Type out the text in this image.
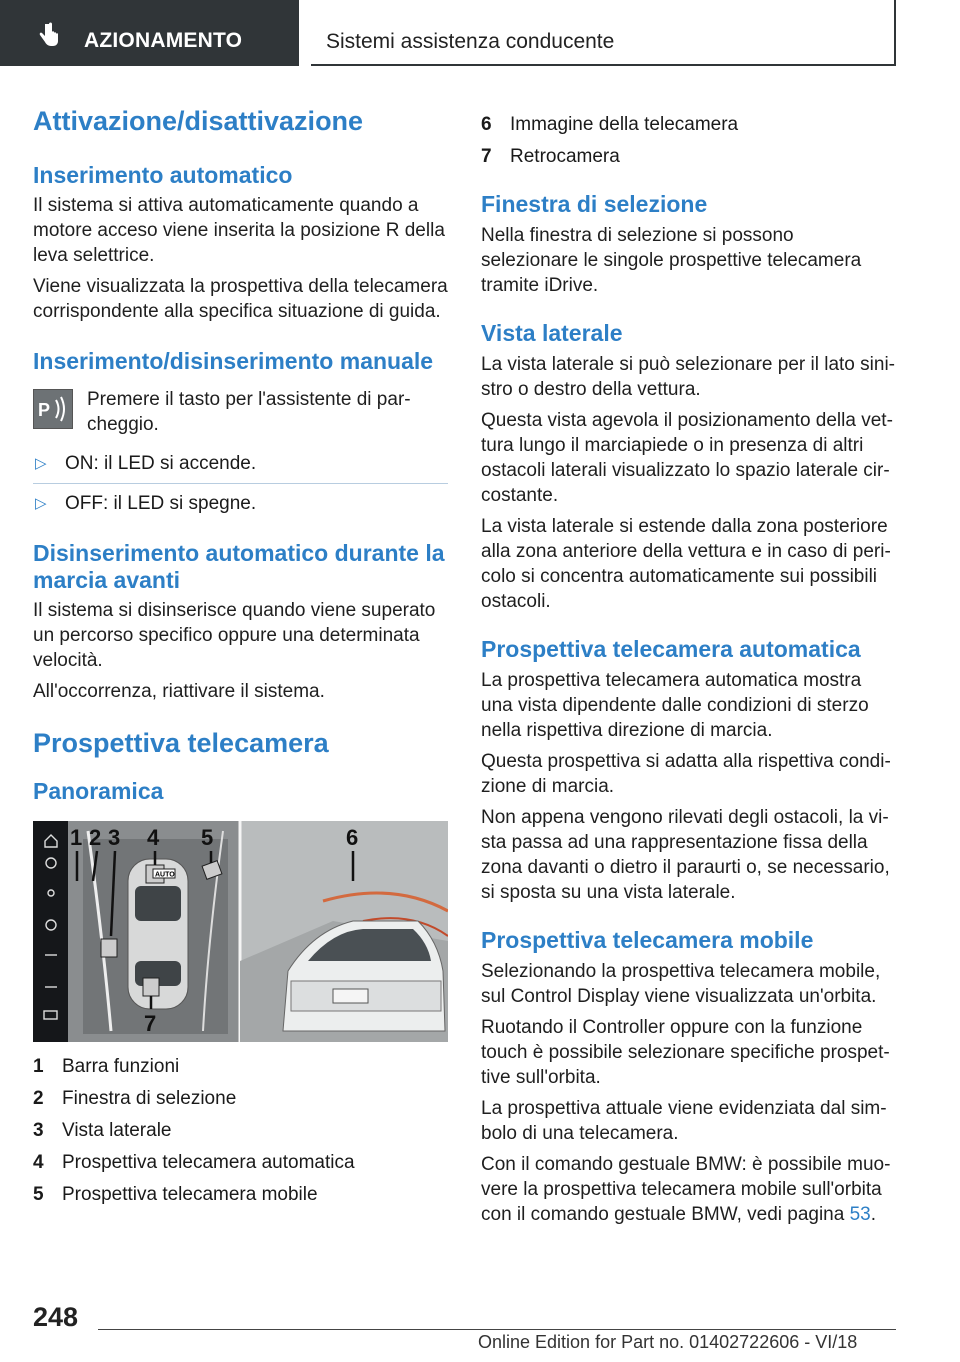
AZIONAMENTO	Sistemi assistenza conducente
Attivazione/disattivazione
Inserimento automatico

Il sistema si attiva automaticamente quando a motore acceso viene inserita la posizione R della leva selettrice.

Viene visualizzata la prospettiva della telecamera corrispondente alla specifica situazione di guida.

Inserimento/disinserimento manuale
P Premere il tasto per l'assistente di par-cheggio.

▷ ON: il LED si accende.
▷ OFF: il LED si spegne.
Disinserimento automatico durante la marcia avanti

Il sistema si disinserisce quando viene superato un percorso specifico oppure una determinata velocità.

All'occorrenza, riattivare il sistema.

Prospettiva telecamera
Panoramica
AUTO
1 2 3 4 5	6
7
1 Barra funzioni
2 Finestra di selezione
3 Vista laterale
4 Prospettiva telecamera automatica
5 Prospettiva telecamera mobile
6 Immagine della telecamera
7 Retrocamera
Finestra di selezione

Nella finestra di selezione si possono selezionare le singole prospettive telecamera tramite iDrive.

Vista laterale

La vista laterale si può selezionare per il lato sini-stro o destro della vettura.

Questa vista agevola il posizionamento della vet-tura lungo il marciapiede o in presenza di altri ostacoli laterali visualizzato lo spazio laterale cir-costante.

La vista laterale si estende dalla zona posteriore alla zona anteriore della vettura e in caso di peri-colo si concentra automaticamente sui possibili ostacoli.

Prospettiva telecamera automatica

La prospettiva telecamera automatica mostra una vista dipendente dalle condizioni di sterzo nella rispettiva direzione di marcia.

Questa prospettiva si adatta alla rispettiva condi-zione di marcia.

Non appena vengono rilevati degli ostacoli, la vi-sta passa ad una rappresentazione fissa della zona davanti o dietro il paraurti o, se necessario, si sposta su una vista laterale.

Prospettiva telecamera mobile

Selezionando la prospettiva telecamera mobile, sul Control Display viene visualizzata un'orbita.

Ruotando il Controller oppure con la funzione touch è possibile selezionare specifiche prospet-tive sull'orbita.

La prospettiva attuale viene evidenziata dal sim-bolo di una telecamera.

Con il comando gestuale BMW: è possibile muo-vere la prospettiva telecamera mobile sull'orbita con il comando gestuale BMW, vedi pagina 53.

248
Online Edition for Part no. 01402722606 - VI/18
